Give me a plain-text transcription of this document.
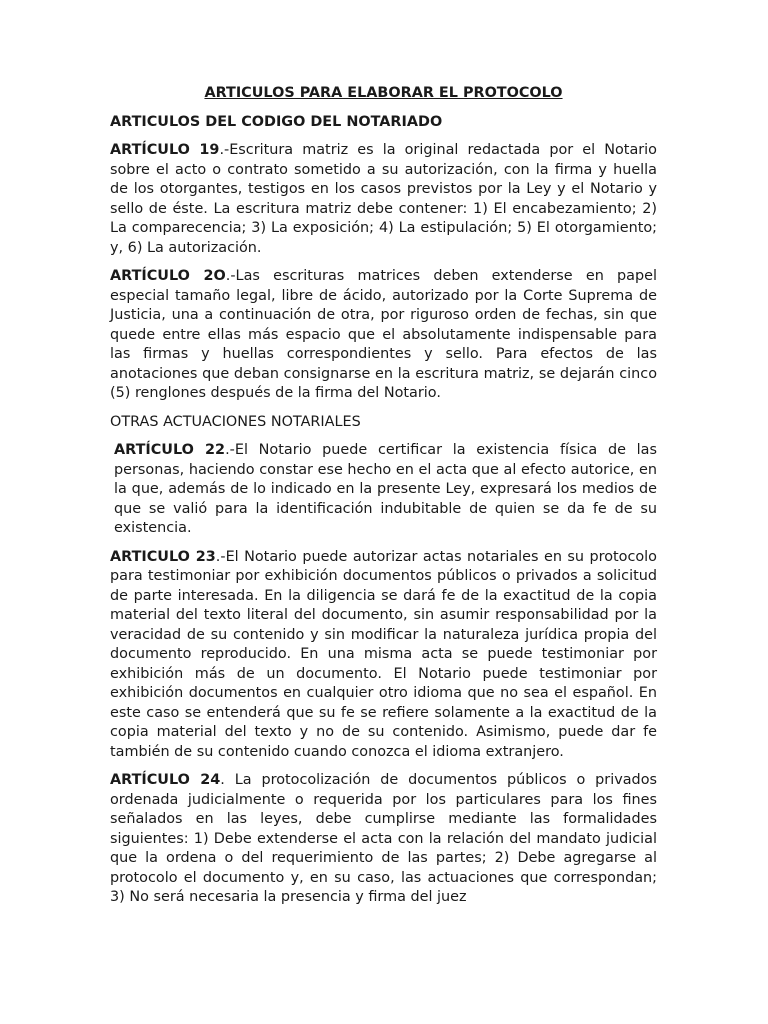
ARTICULOS PARA ELABORAR EL PROTOCOLO

ARTICULOS DEL CODIGO DEL NOTARIADO

ARTÍCULO 19.-Escritura matriz es la original redactada por el Notario sobre el acto o contrato sometido a su autorización, con la firma y huella de los otorgantes, testigos en los casos previstos por la Ley y el Notario y sello de éste. La escritura matriz debe contener: 1) El encabezamiento; 2) La comparecencia; 3) La exposición; 4) La estipulación; 5) El otorgamiento; y, 6) La autorización.

ARTÍCULO 2O.-Las escrituras matrices deben extenderse en papel especial tamaño legal, libre de ácido, autorizado por la Corte Suprema de Justicia, una a continuación de otra, por riguroso orden de fechas, sin que quede entre ellas más espacio que el absolutamente indispensable para las firmas y huellas correspondientes y sello. Para efectos de las anotaciones que deban consignarse en la escritura matriz, se dejarán cinco (5) renglones después de la firma del Notario.

OTRAS ACTUACIONES NOTARIALES

ARTÍCULO 22.-El Notario puede certificar la existencia física de las personas, haciendo constar ese hecho en el acta que al efecto autorice, en la que, además de lo indicado en la presente Ley, expresará los medios de que se valió para la identificación indubitable de quien se da fe de su existencia.

ARTICULO 23.-El Notario puede autorizar actas notariales en su protocolo para testimoniar por exhibición documentos públicos o privados a solicitud de parte interesada. En la diligencia se dará fe de la exactitud de la copia material del texto literal del documento, sin asumir responsabilidad por la veracidad de su contenido y sin modificar la naturaleza jurídica propia del documento reproducido. En una misma acta se puede testimoniar por exhibición más de un documento. El Notario puede testimoniar por exhibición documentos en cualquier otro idioma que no sea el español. En este caso se entenderá que su fe se refiere solamente a la exactitud de la copia material del texto y no de su contenido. Asimismo, puede dar fe también de su contenido cuando conozca el idioma extranjero.

ARTÍCULO 24. La protocolización de documentos públicos o privados ordenada judicialmente o requerida por los particulares para los fines señalados en las leyes, debe cumplirse mediante las formalidades siguientes: 1) Debe extenderse el acta con la relación del mandato judicial que la ordena o del requerimiento de las partes; 2) Debe agregarse al protocolo el documento y, en su caso, las actuaciones que correspondan; 3) No será necesaria la presencia y firma del juez
